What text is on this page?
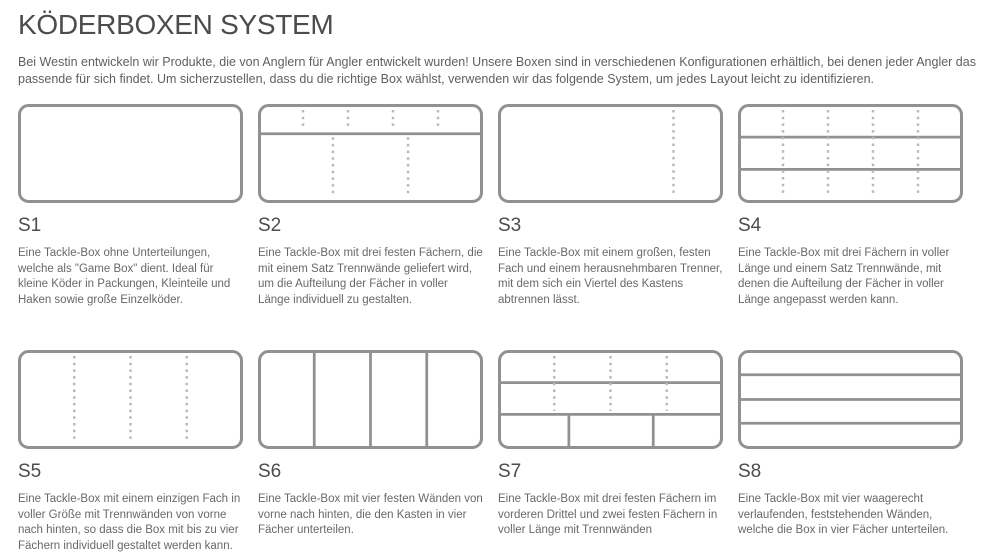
KÖDERBOXEN SYSTEM

Bei Westin entwickeln wir Produkte, die von Anglern für Angler entwickelt wurden! Unsere Boxen sind in verschiedenen Konfigurationen erhältlich, bei denen jeder Angler das passende für sich findet. Um sicherzustellen, dass du die richtige Box wählst, verwenden wir das folgende System, um jedes Layout leicht zu identifizieren.

S1

Eine Tackle-Box ohne Unterteilungen, welche als "Game Box" dient. Ideal für kleine Köder in Packungen, Kleinteile und Haken sowie große Einzelköder.

S2

Eine Tackle-Box mit drei festen Fächern, die mit einem Satz Trennwände geliefert wird, um die Aufteilung der Fächer in voller Länge individuell zu gestalten.

S3

Eine Tackle-Box mit einem großen, festen Fach und einem herausnehmbaren Trenner, mit dem sich ein Viertel des Kastens abtrennen lässt.

S4

Eine Tackle-Box mit drei Fächern in voller Länge und einem Satz Trennwände, mit denen die Aufteilung der Fächer in voller Länge angepasst werden kann.

S5

Eine Tackle-Box mit einem einzigen Fach in voller Größe mit Trennwänden von vorne nach hinten, so dass die Box mit bis zu vier Fächern individuell gestaltet werden kann.

S6

Eine Tackle-Box mit vier festen Wänden von vorne nach hinten, die den Kasten in vier Fächer unterteilen.

S7

Eine Tackle-Box mit drei festen Fächern im vorderen Drittel und zwei festen Fächern in voller Länge mit Trennwänden

S8

Eine Tackle-Box mit vier waagerecht verlaufenden, feststehenden Wänden, welche die Box in vier Fächer unterteilen.
